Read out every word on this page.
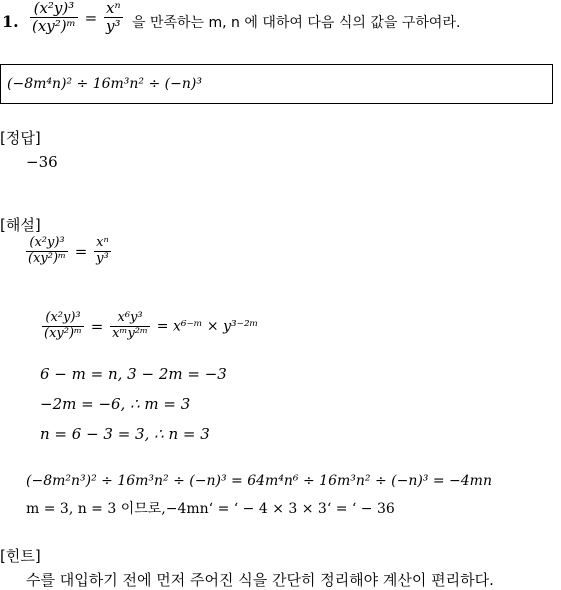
1. $\frac{\text{(x²y)³}}{\text{(xy²)ᵐ}} = \frac{\text{xⁿ}}{\text{y³}}$ 을 만족하는 m, n 에 대하여 다음 식의 값을 구하여라.
(−8m⁴n)² ÷ 16m³n² ÷ (−n)³
[정답]
−36
[해설]
$\frac{\text{(x²y)³}}{\text{(xy²)ᵐ}} = \frac{\text{xⁿ}}{\text{y³}}$
$\frac{\text{(x²y)³}}{\text{(xy²)ᵐ}} = \frac{\text{x⁶y³}}{\text{xᵐy²ᵐ}}$ = x⁶⁻ᵐ × y³⁻²ᵐ
6 − m = n, 3 − 2m = −3
−2m = −6, ∴ m = 3
n = 6 − 3 = 3, ∴ n = 3
(−8m²n³)² ÷ 16m³n² ÷ (−n)³ = 64m⁴n⁶ ÷ 16m³n² ÷ (−n)³ = −4mn
m = 3, n = 3 이므로,−4mn‘ = ‘ − 4 × 3 × 3‘ = ‘ − 36
[힌트]
수를 대입하기 전에 먼저 주어진 식을 간단히 정리해야 계산이 편리하다.
